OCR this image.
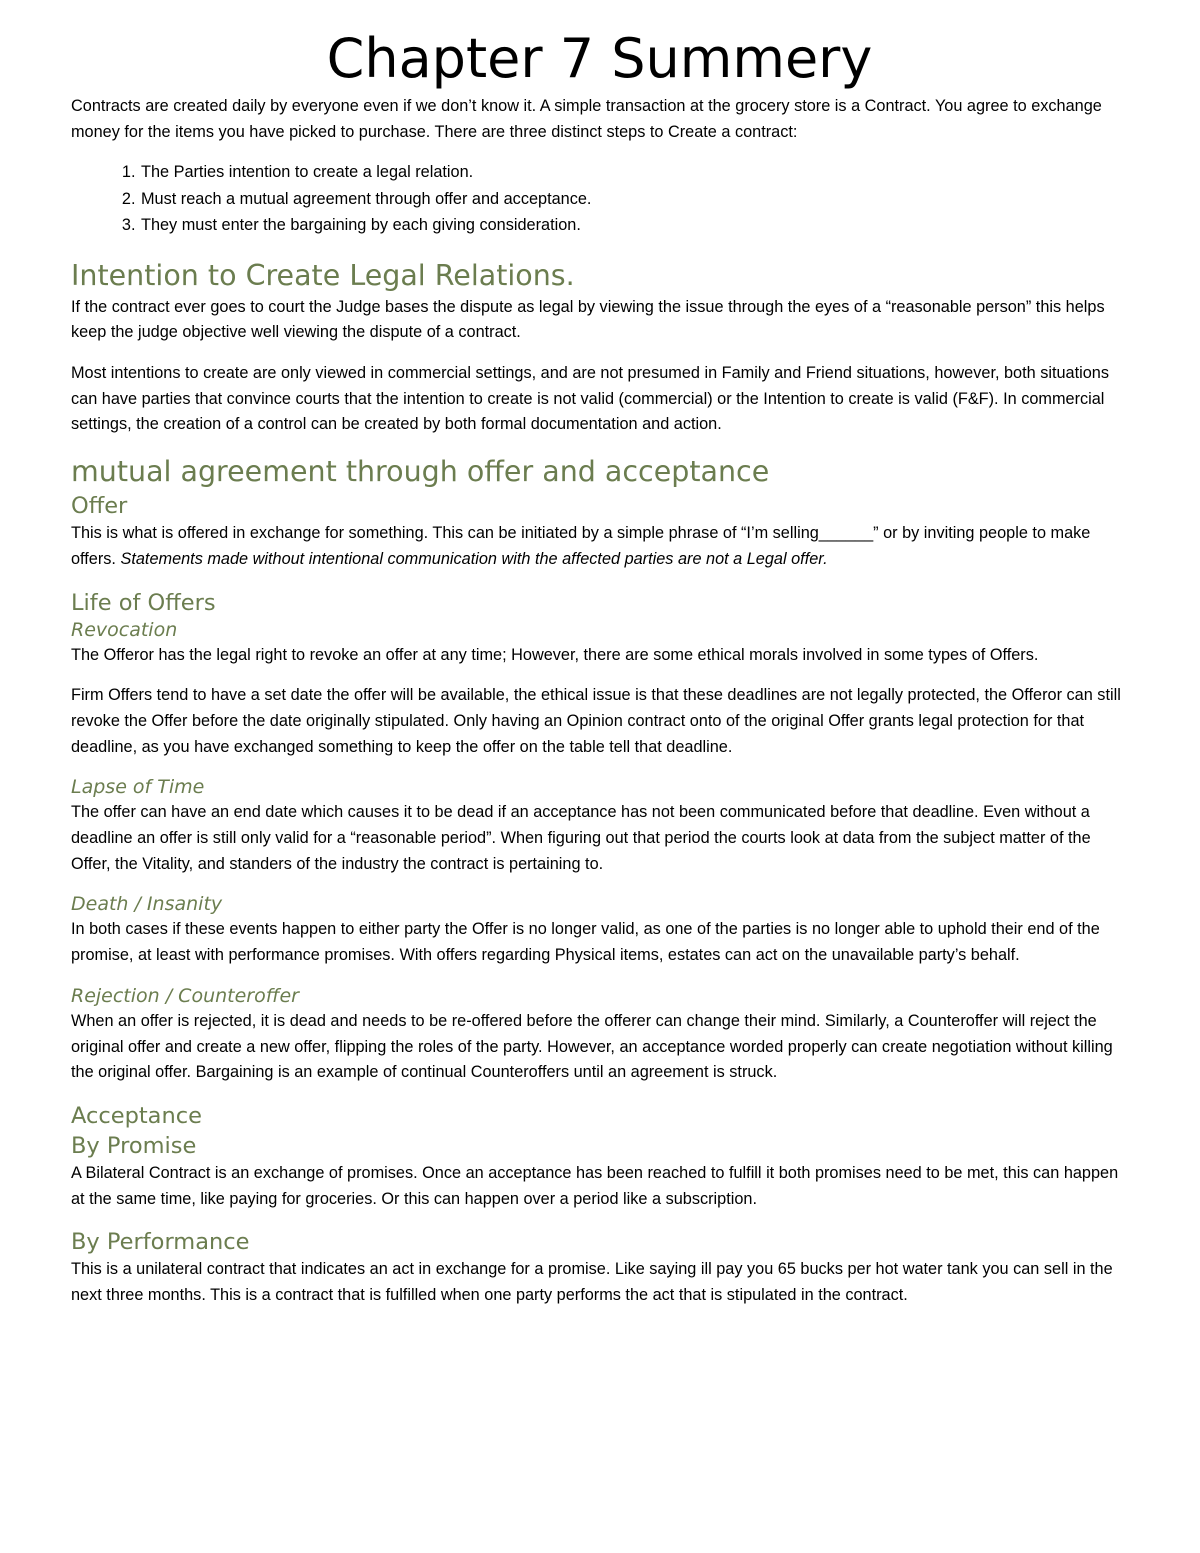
Chapter 7 Summery

Contracts are created daily by everyone even if we don’t know it. A simple transaction at the grocery store is a Contract. You agree to exchange money for the items you have picked to purchase. There are three distinct steps to Create a contract:

1. The Parties intention to create a legal relation.
2. Must reach a mutual agreement through offer and acceptance.
3. They must enter the bargaining by each giving consideration.
Intention to Create Legal Relations.

If the contract ever goes to court the Judge bases the dispute as legal by viewing the issue through the eyes of a “reasonable person” this helps keep the judge objective well viewing the dispute of a contract.

Most intentions to create are only viewed in commercial settings, and are not presumed in Family and Friend situations, however, both situations can have parties that convince courts that the intention to create is not valid (commercial) or the Intention to create is valid (F&F). In commercial settings, the creation of a control can be created by both formal documentation and action.

mutual agreement through offer and acceptance
Offer

This is what is offered in exchange for something. This can be initiated by a simple phrase of “I’m selling______” or by inviting people to make offers. Statements made without intentional communication with the affected parties are not a Legal offer.

Life of Offers
Revocation

The Offeror has the legal right to revoke an offer at any time; However, there are some ethical morals involved in some types of Offers.

Firm Offers tend to have a set date the offer will be available, the ethical issue is that these deadlines are not legally protected, the Offeror can still revoke the Offer before the date originally stipulated. Only having an Opinion contract onto of the original Offer grants legal protection for that deadline, as you have exchanged something to keep the offer on the table tell that deadline.

Lapse of Time

The offer can have an end date which causes it to be dead if an acceptance has not been communicated before that deadline. Even without a deadline an offer is still only valid for a “reasonable period”. When figuring out that period the courts look at data from the subject matter of the Offer, the Vitality, and standers of the industry the contract is pertaining to.

Death / Insanity

In both cases if these events happen to either party the Offer is no longer valid, as one of the parties is no longer able to uphold their end of the promise, at least with performance promises. With offers regarding Physical items, estates can act on the unavailable party’s behalf.

Rejection / Counteroffer

When an offer is rejected, it is dead and needs to be re-offered before the offerer can change their mind. Similarly, a Counteroffer will reject the original offer and create a new offer, flipping the roles of the party. However, an acceptance worded properly can create negotiation without killing the original offer. Bargaining is an example of continual Counteroffers until an agreement is struck.

Acceptance
By Promise

A Bilateral Contract is an exchange of promises. Once an acceptance has been reached to fulfill it both promises need to be met, this can happen at the same time, like paying for groceries. Or this can happen over a period like a subscription.

By Performance

This is a unilateral contract that indicates an act in exchange for a promise. Like saying ill pay you 65 bucks per hot water tank you can sell in the next three months. This is a contract that is fulfilled when one party performs the act that is stipulated in the contract.
